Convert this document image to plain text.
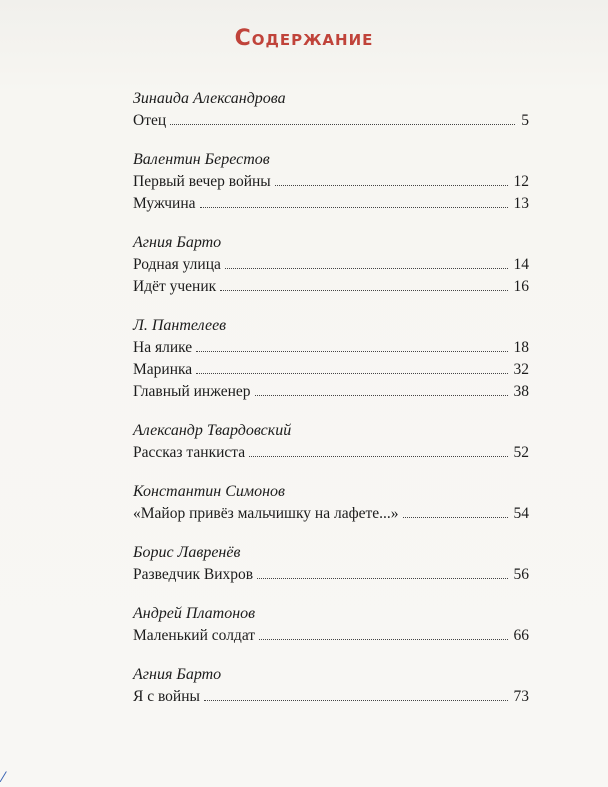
Содержание
Зинаида Александрова
Отец	5
Валентин Берестов
Первый вечер войны	12
Мужчина	13
Агния Барто
Родная улица	14
Идёт ученик	16
Л. Пантелеев
На ялике	18
Маринка	32
Главный инженер	38
Александр Твардовский
Рассказ танкиста	52
Константин Симонов
«Майор привёз мальчишку на лафете...»	54
Борис Лавренёв
Разведчик Вихров	56
Андрей Платонов
Маленький солдат	66
Агния Барто
Я с войны	73
⁄
